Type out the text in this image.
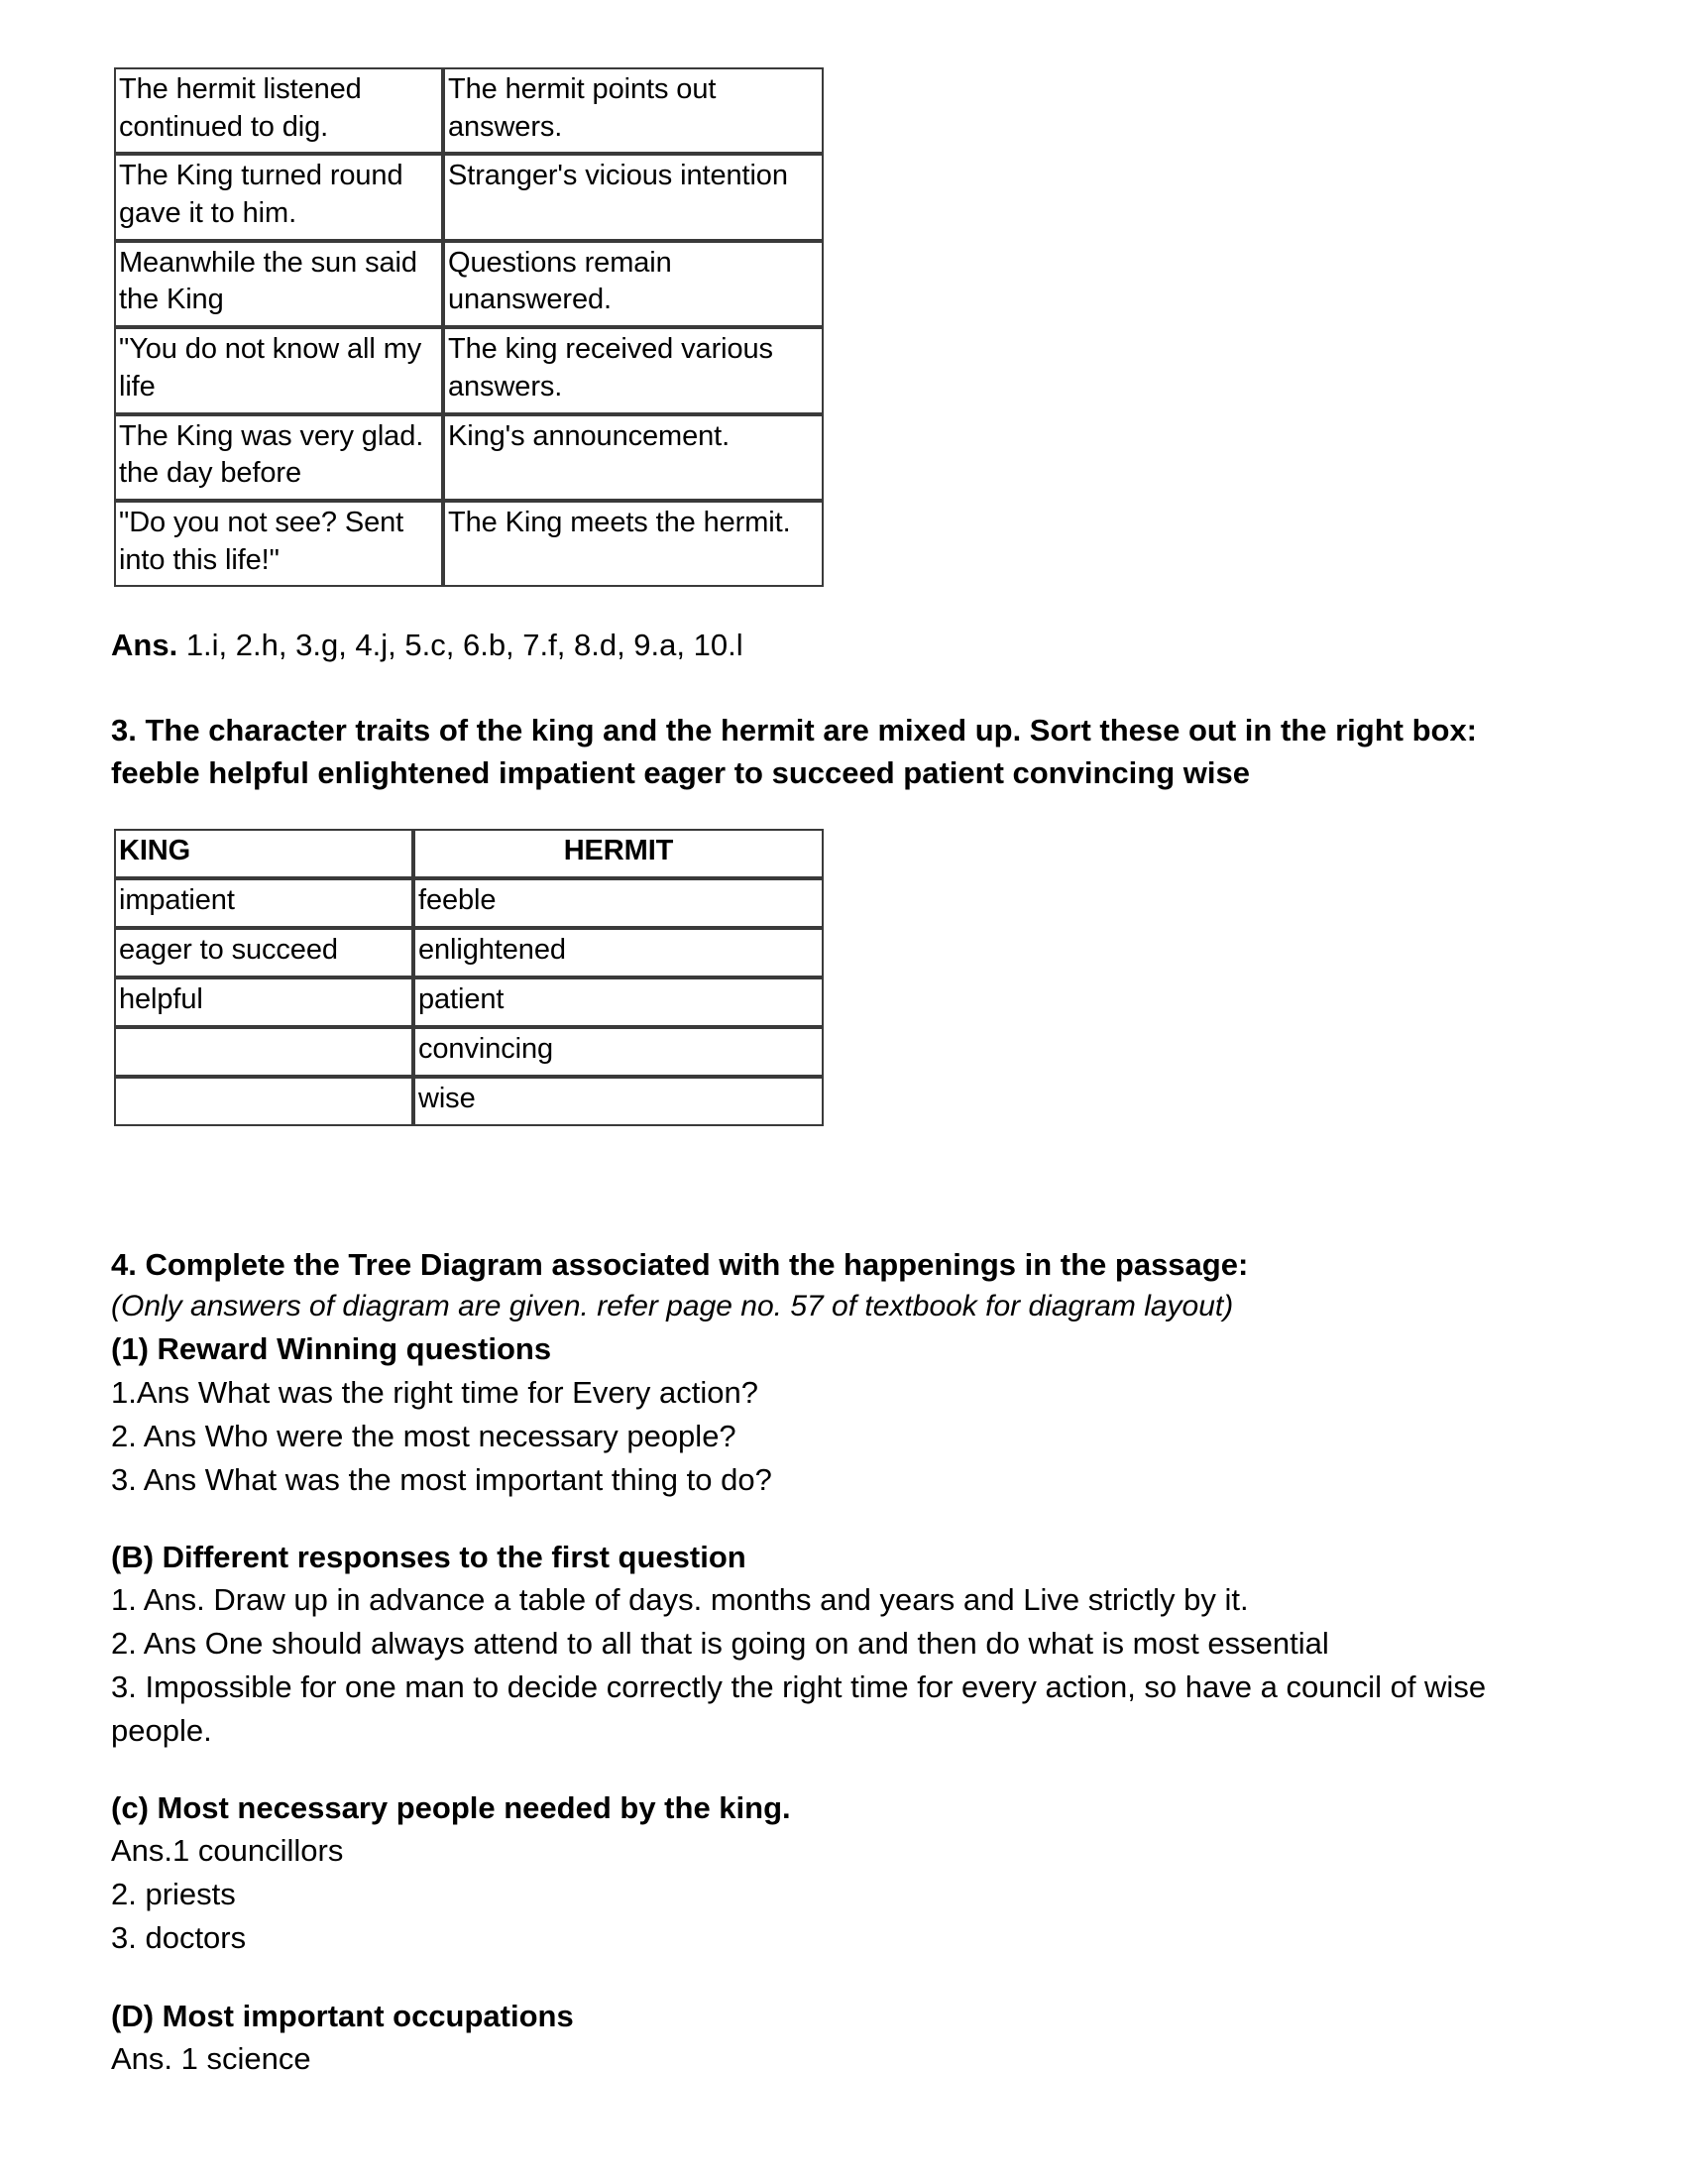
The hermit listened continued to dig.	The hermit points out answers.
The King turned round gave it to him.	Stranger's vicious intention
Meanwhile the sun said the King	Questions remain unanswered.
"You do not know all my life	The king received various answers.
The King was very glad. the day before	King's announcement.
"Do you not see? Sent into this life!"	The King meets the hermit.

Ans. 1.i, 2.h, 3.g, 4.j, 5.c, 6.b, 7.f, 8.d, 9.a, 10.l

3. The character traits of the king and the hermit are mixed up. Sort these out in the right box:

feeble helpful enlightened impatient eager to succeed patient convincing wise

KING	HERMIT
impatient	feeble
eager to succeed	enlightened
helpful	patient
	convincing
	wise

4. Complete the Tree Diagram associated with the happenings in the passage:

(Only answers of diagram are given. refer page no. 57 of textbook for diagram layout)

(1) Reward Winning questions

1.Ans What was the right time for Every action?

2. Ans Who were the most necessary people?

3. Ans What was the most important thing to do?

(B) Different responses to the first question

1. Ans. Draw up in advance a table of days. months and years and Live strictly by it.

2. Ans One should always attend to all that is going on and then do what is most essential

3. Impossible for one man to decide correctly the right time for every action, so have a council of wise people.

(c) Most necessary people needed by the king.

Ans.1 councillors

2. priests

3. doctors

(D) Most important occupations

Ans. 1 science
